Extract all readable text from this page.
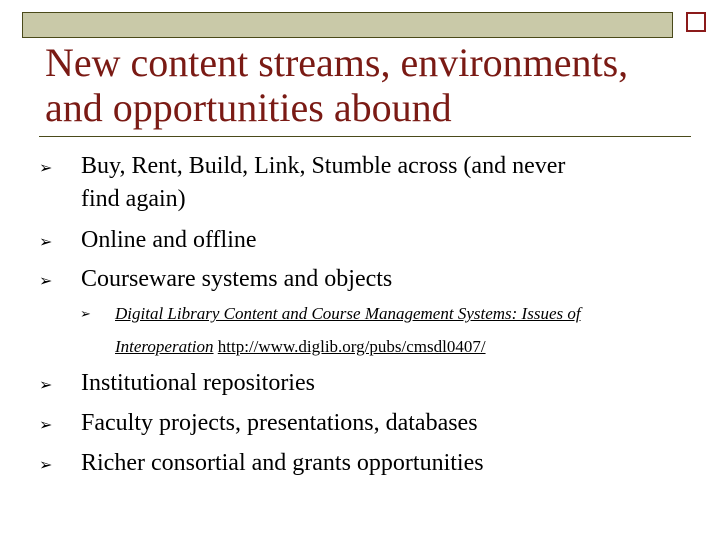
New content streams, environments,
and opportunities abound
➢ Buy, Rent, Build, Link, Stumble across (and never
find again)
➢ Online and offline
➢ Courseware systems and objects
➢ Digital Library Content and Course Management Systems: Issues of
Interoperation http://www.diglib.org/pubs/cmsdl0407/
➢ Institutional repositories
➢ Faculty projects, presentations, databases
➢ Richer consortial and grants opportunities
